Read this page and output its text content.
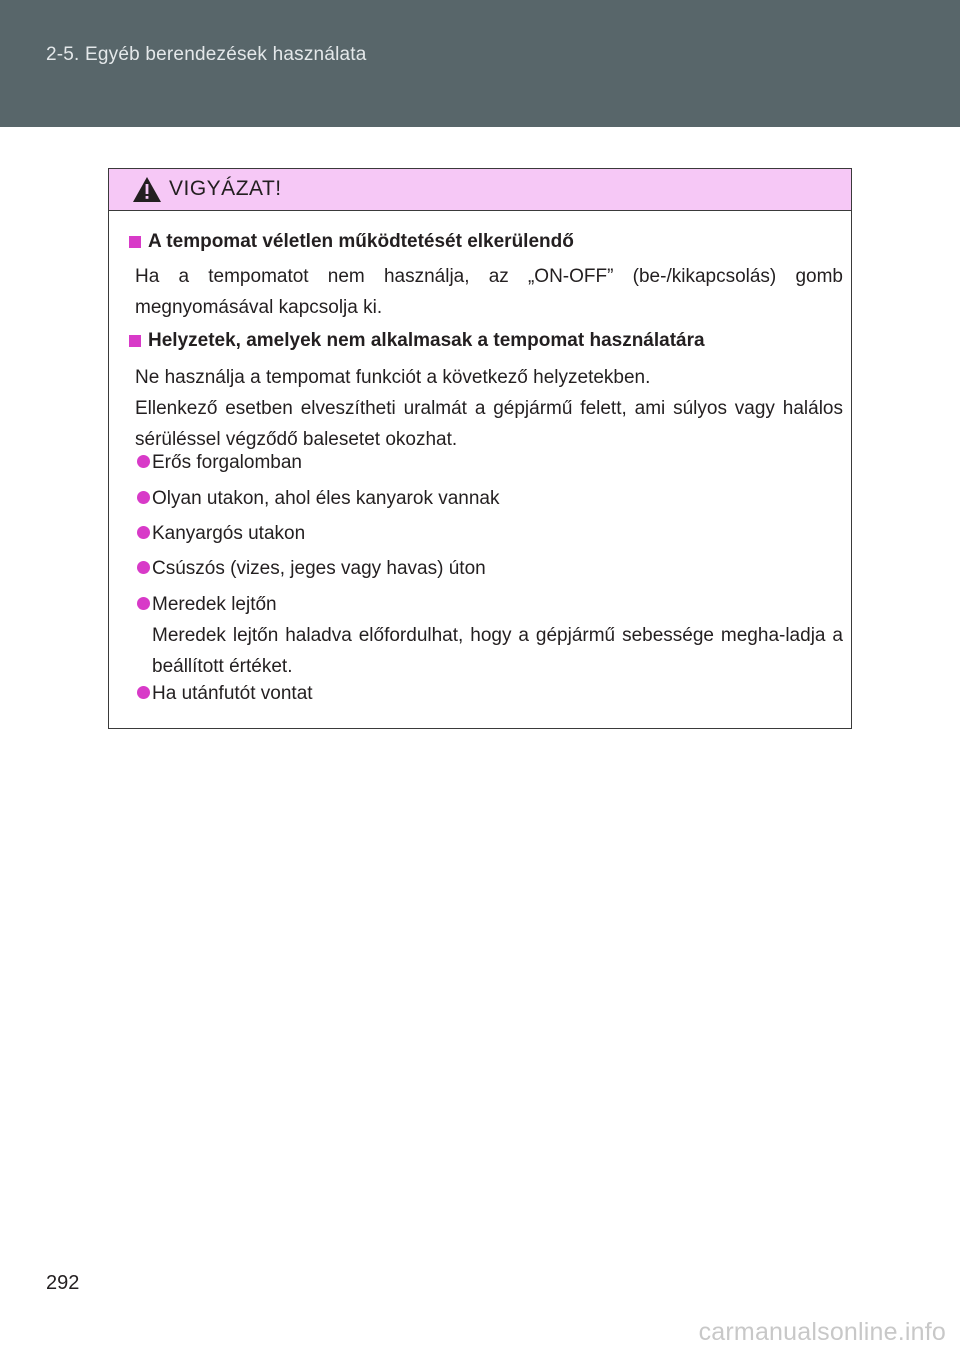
2-5. Egyéb berendezések használata
VIGYÁZAT!
A tempomat véletlen működtetését elkerülendő
Ha a tempomatot nem használja, az „ON-OFF” (be-/kikapcsolás) gomb megnyomásával kapcsolja ki.
Helyzetek, amelyek nem alkalmasak a tempomat használatára
Ne használja a tempomat funkciót a következő helyzetekben.
Ellenkező esetben elveszítheti uralmát a gépjármű felett, ami súlyos vagy halálos sérüléssel végződő balesetet okozhat.
Erős forgalomban
Olyan utakon, ahol éles kanyarok vannak
Kanyargós utakon
Csúszós (vizes, jeges vagy havas) úton
Meredek lejtőn
Meredek lejtőn haladva előfordulhat, hogy a gépjármű sebessége megha-ladja a beállított értéket.
Ha utánfutót vontat
292
carmanualsonline.info
